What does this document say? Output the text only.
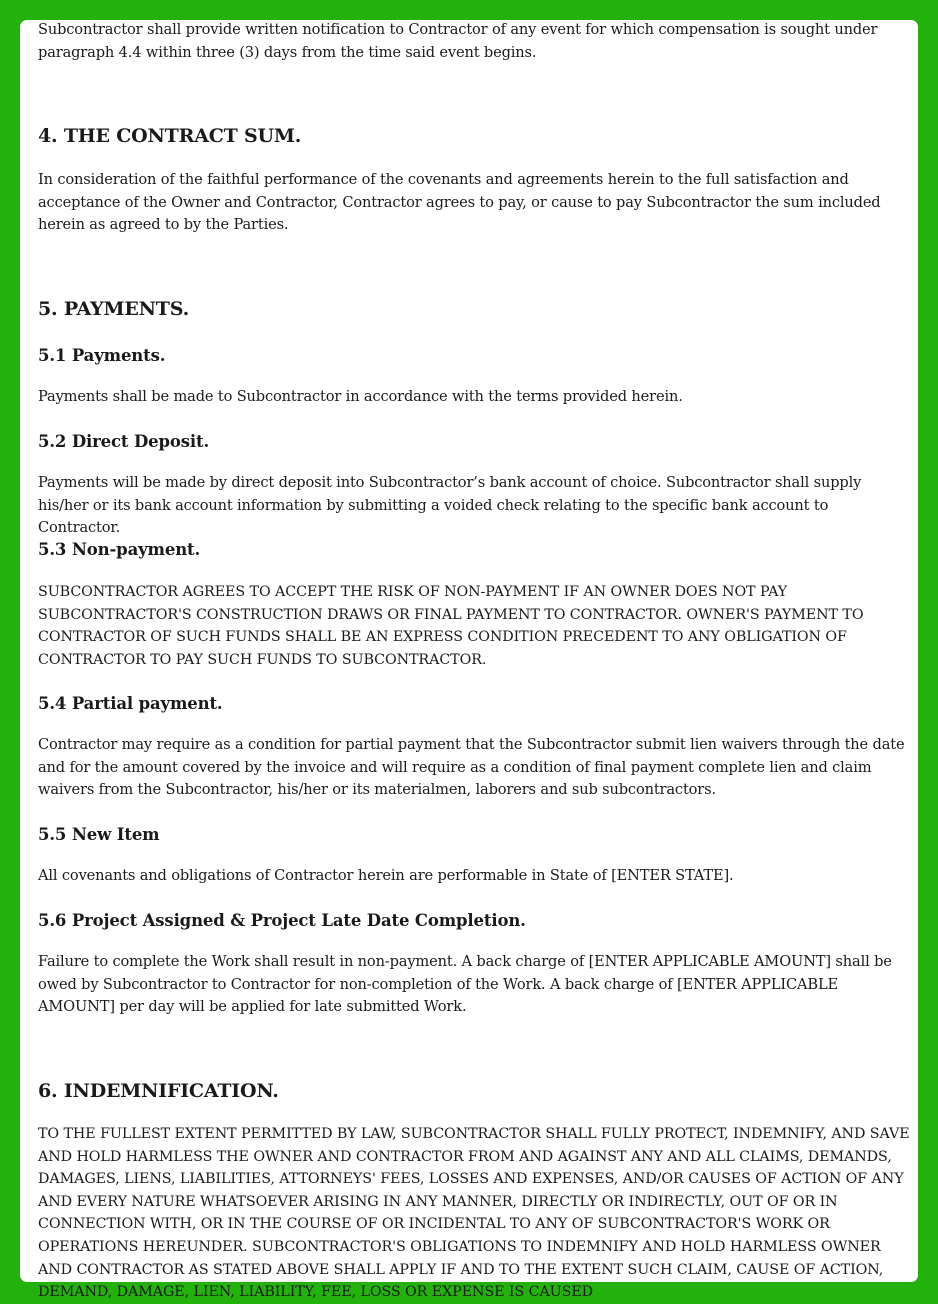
Subcontractor shall provide written notification to Contractor of any event for which compensation is sought under paragraph 4.4 within three (3) days from the time said event begins.

4. THE CONTRACT SUM.

In consideration of the faithful performance of the covenants and agreements herein to the full satisfaction and acceptance of the Owner and Contractor, Contractor agrees to pay, or cause to pay Subcontractor the sum included herein as agreed to by the Parties.

5. PAYMENTS.
5.1 Payments.

Payments shall be made to Subcontractor in accordance with the terms provided herein.

5.2 Direct Deposit.

Payments will be made by direct deposit into Subcontractor’s bank account of choice. Subcontractor shall supply his/her or its bank account information by submitting a voided check relating to the specific bank account to Contractor.

5.3 Non-payment.

SUBCONTRACTOR AGREES TO ACCEPT THE RISK OF NON-PAYMENT IF AN OWNER DOES NOT PAY SUBCONTRACTOR'S CONSTRUCTION DRAWS OR FINAL PAYMENT TO CONTRACTOR. OWNER'S PAYMENT TO CONTRACTOR OF SUCH FUNDS SHALL BE AN EXPRESS CONDITION PRECEDENT TO ANY OBLIGATION OF CONTRACTOR TO PAY SUCH FUNDS TO SUBCONTRACTOR.

5.4 Partial payment.

Contractor may require as a condition for partial payment that the Subcontractor submit lien waivers through the date and for the amount covered by the invoice and will require as a condition of final payment complete lien and claim waivers from the Subcontractor, his/her or its materialmen, laborers and sub subcontractors.

5.5 New Item

All covenants and obligations of Contractor herein are performable in State of [ENTER STATE].

5.6 Project Assigned & Project Late Date Completion.

Failure to complete the Work shall result in non-payment. A back charge of [ENTER APPLICABLE AMOUNT] shall be owed by Subcontractor to Contractor for non-completion of the Work. A back charge of [ENTER APPLICABLE AMOUNT] per day will be applied for late submitted Work.

6. INDEMNIFICATION.

TO THE FULLEST EXTENT PERMITTED BY LAW, SUBCONTRACTOR SHALL FULLY PROTECT, INDEMNIFY, AND SAVE AND HOLD HARMLESS THE OWNER AND CONTRACTOR FROM AND AGAINST ANY AND ALL CLAIMS, DEMANDS, DAMAGES, LIENS, LIABILITIES, ATTORNEYS' FEES, LOSSES AND EXPENSES, AND/OR CAUSES OF ACTION OF ANY AND EVERY NATURE WHATSOEVER ARISING IN ANY MANNER, DIRECTLY OR INDIRECTLY, OUT OF OR IN CONNECTION WITH, OR IN THE COURSE OF OR INCIDENTAL TO ANY OF SUBCONTRACTOR'S WORK OR OPERATIONS HEREUNDER. SUBCONTRACTOR'S OBLIGATIONS TO INDEMNIFY AND HOLD HARMLESS OWNER AND CONTRACTOR AS STATED ABOVE SHALL APPLY IF AND TO THE EXTENT SUCH CLAIM, CAUSE OF ACTION, DEMAND, DAMAGE, LIEN, LIABILITY, FEE, LOSS OR EXPENSE IS CAUSED
